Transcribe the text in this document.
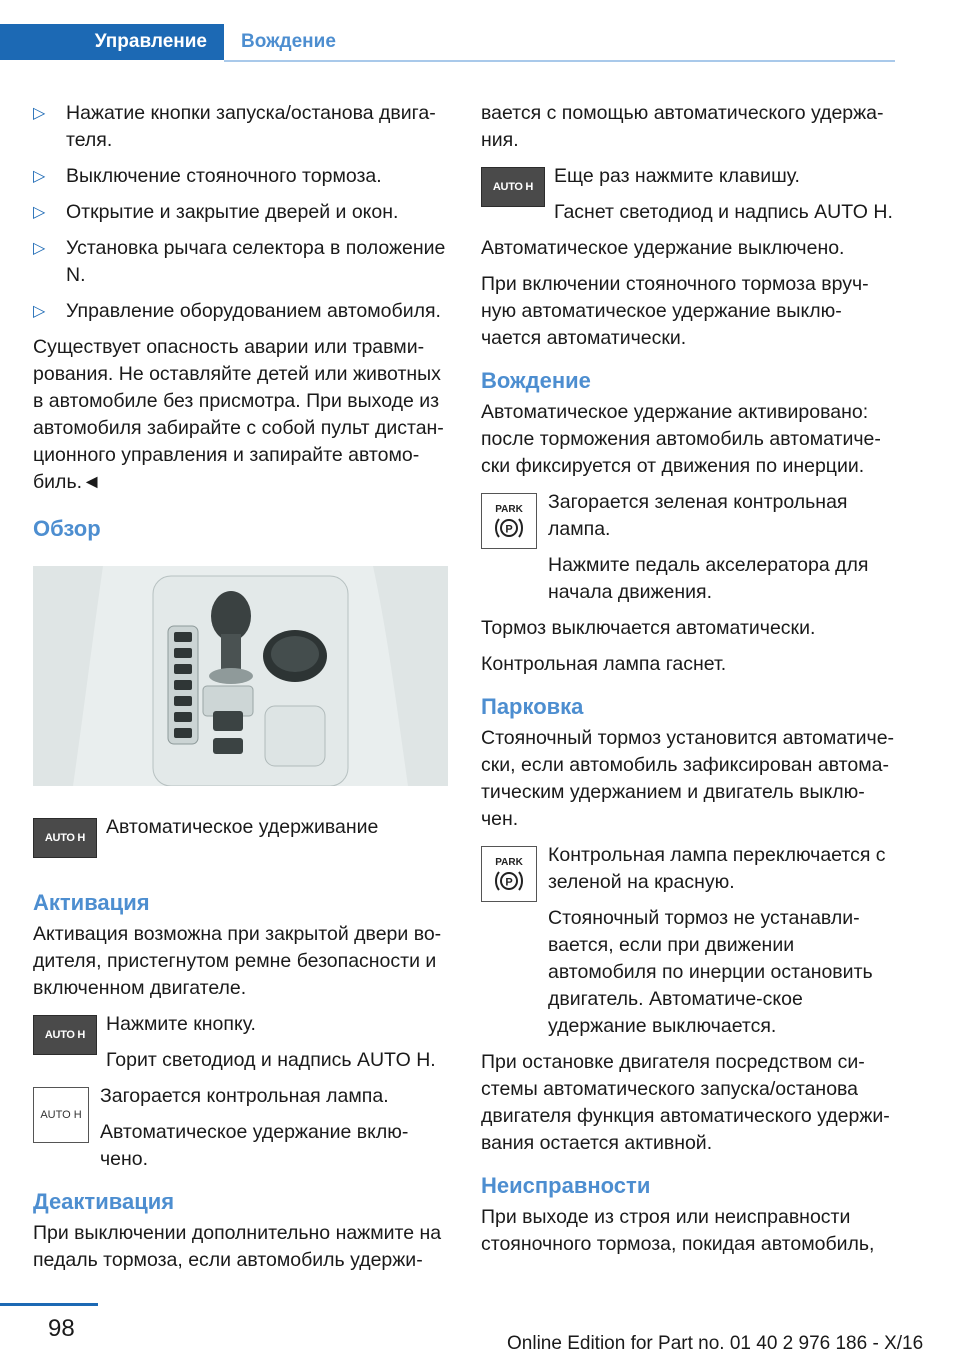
Управление Вождение
▷ Нажатие кнопки запуска/останова двига-теля.
▷ Выключение стояночного тормоза.
▷ Открытие и закрытие дверей и окон.
▷ Установка рычага селектора в положение N.
▷ Управление оборудованием автомобиля.

Существует опасность аварии или травми-рования. Не оставляйте детей или животных в автомобиле без присмотра. При выходе из автомобиля забирайте с собой пульт дистан-ционного управления и запирайте автомо-биль.◄

Обзор
AUTO H	Автоматическое удерживание

Активация

Активация возможна при закрытой двери во-дителя, пристегнутом ремне безопасности и включенном двигателе.

AUTO H	Нажмите кнопку.

Горит светодиод и надпись AUTO H.

AUTO H

Загорается контрольная лампа.

Автоматическое удержание вклю-чено.

Деактивация

При выключении дополнительно нажмите на педаль тормоза, если автомобиль удержи-

вается с помощью автоматического удержа-ния.

AUTO H	Еще раз нажмите клавишу.

Гаснет светодиод и надпись AUTO H.

Автоматическое удержание выключено.

При включении стояночного тормоза вруч-ную автоматическое удержание выклю-чается автоматически.

Вождение

Автоматическое удержание активировано: после торможения автомобиль автоматиче-ски фиксируется от движения по инерции.

PARK
P

Загорается зеленая контрольная лампа.

Нажмите педаль акселератора для начала движения.

Тормоз выключается автоматически.

Контрольная лампа гаснет.

Парковка

Стояночный тормоз установится автоматиче-ски, если автомобиль зафиксирован автома-тическим удержанием и двигатель выклю-чен.

PARK
P

Контрольная лампа переключается с зеленой на красную.

Стояночный тормоз не устанавли-вается, если при движении автомобиля по инерции остановить двигатель. Автоматиче-ское удержание выключается.

При остановке двигателя посредством си-стемы автоматического запуска/останова двигателя функция автоматического удержи-вания остается активной.

Неисправности

При выходе из строя или неисправности стояночного тормоза, покидая автомобиль,

98
Online Edition for Part no. 01 40 2 976 186 - X/16
